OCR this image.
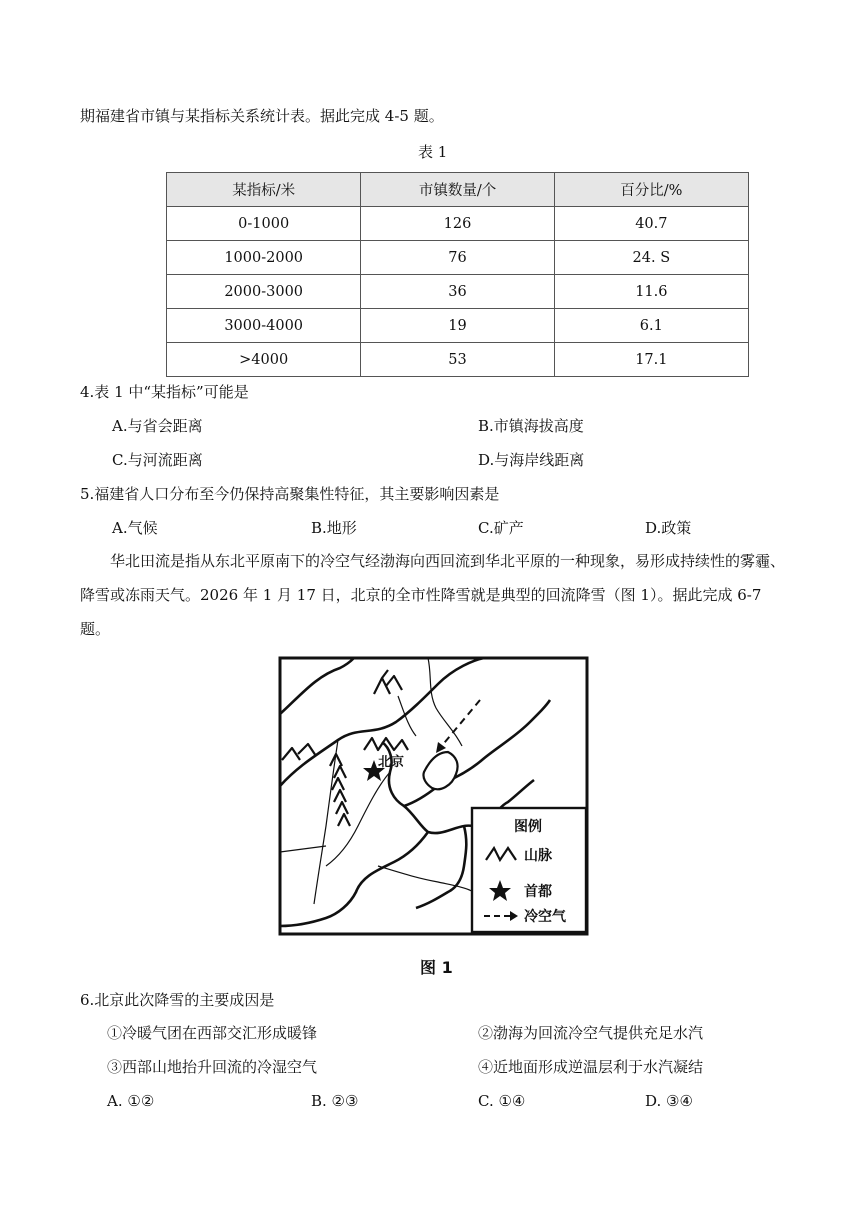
期福建省市镇与某指标关系统计表。据此完成 4-5 题。
表 1
某指标/米	市镇数量/个	百分比/%
0-1000	126	40.7
1000-2000	76	24. S
2000-3000	36	11.6
3000-4000	19	6.1
>4000	53	17.1
4.表 1 中“某指标”可能是
A.与省会距离	B.市镇海拔高度
C.与河流距离	D.与海岸线距离
5.福建省人口分布至今仍保持高聚集性特征，其主要影响因素是
A.气候	B.地形	C.矿产	D.政策
华北田流是指从东北平原南下的冷空气经渤海向西回流到华北平原的一种现象，易形成持续性的雾霾、降雪或冻雨天气。2026 年 1 月 17 日，北京的全市性降雪就是典型的回流降雪（图 1）。据此完成 6-7 题。
北京
图例
山脉
首都
冷空气
图 1
6.北京此次降雪的主要成因是
①冷暖气团在西部交汇形成暖锋	②渤海为回流冷空气提供充足水汽
③西部山地抬升回流的冷湿空气	④近地面形成逆温层利于水汽凝结
A. ①②	B. ②③	C. ①④	D. ③④
